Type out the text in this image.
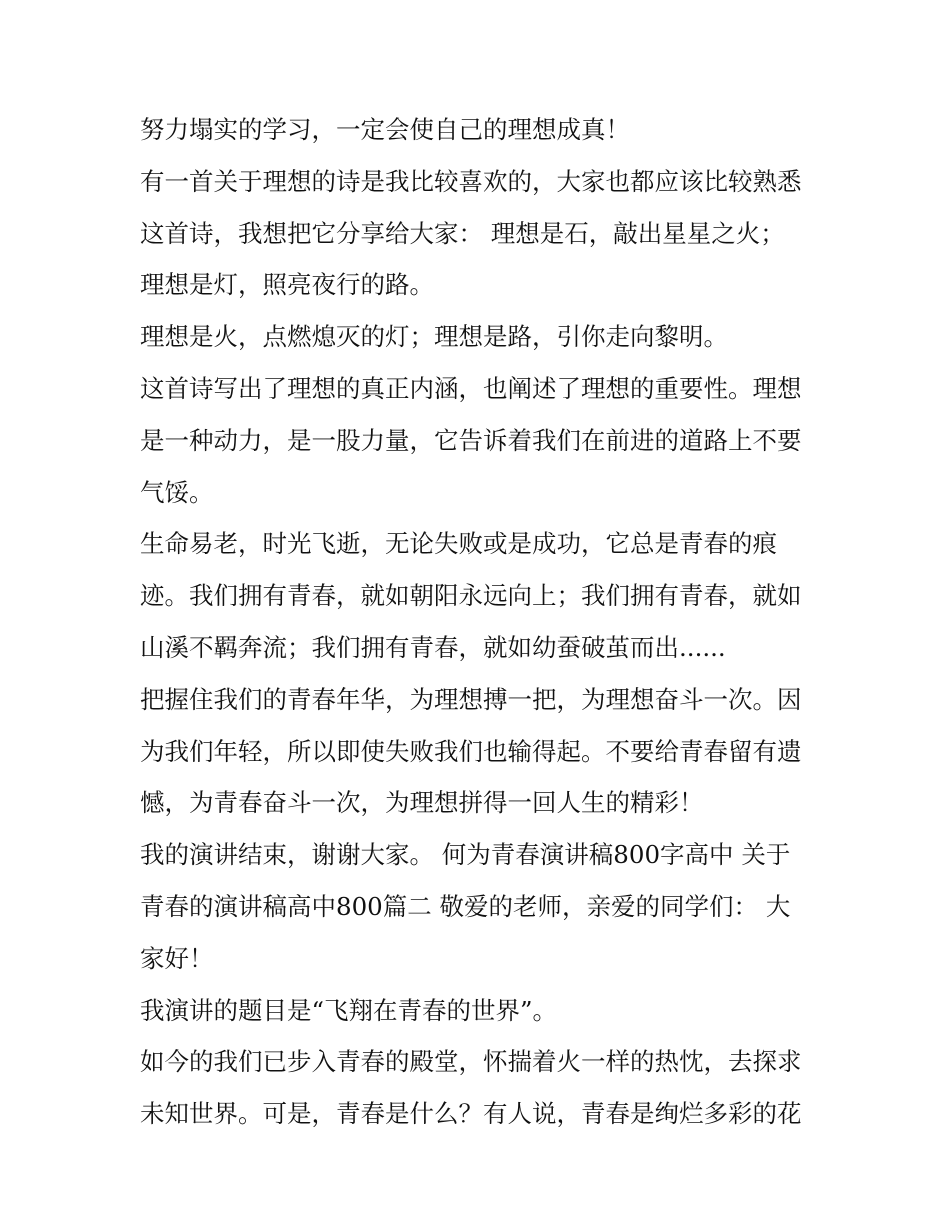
努力塌实的学习，一定会使自己的理想成真！
有一首关于理想的诗是我比较喜欢的，大家也都应该比较熟悉
这首诗，我想把它分享给大家： 理想是石，敲出星星之火；
理想是灯，照亮夜行的路。
理想是火，点燃熄灭的灯；理想是路，引你走向黎明。
这首诗写出了理想的真正内涵，也阐述了理想的重要性。理想
是一种动力，是一股力量，它告诉着我们在前进的道路上不要
气馁。
生命易老，时光飞逝，无论失败或是成功，它总是青春的痕
迹。我们拥有青春，就如朝阳永远向上；我们拥有青春，就如
山溪不羁奔流；我们拥有青春，就如幼蚕破茧而出......
把握住我们的青春年华，为理想搏一把，为理想奋斗一次。因
为我们年轻，所以即使失败我们也输得起。不要给青春留有遗
憾，为青春奋斗一次，为理想拼得一回人生的精彩！
我的演讲结束，谢谢大家。 何为青春演讲稿800字高中 关于
青春的演讲稿高中800篇二 敬爱的老师，亲爱的同学们： 大
家好！
我演讲的题目是“飞翔在青春的世界”。
如今的我们已步入青春的殿堂，怀揣着火一样的热忱，去探求
未知世界。可是，青春是什么？有人说，青春是绚烂多彩的花
